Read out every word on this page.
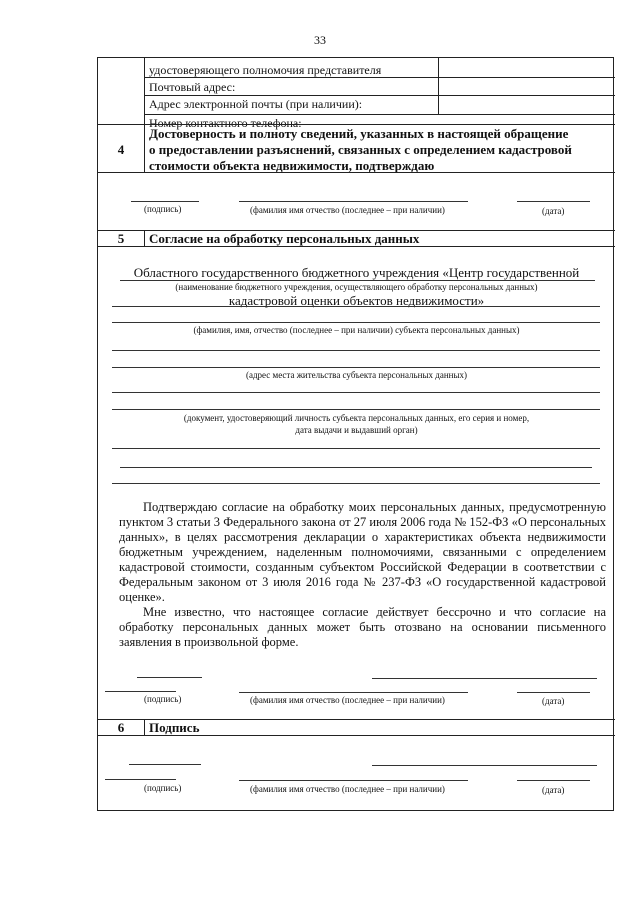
33
удостоверяющего полномочия представителя
Почтовый адрес:
Адрес электронной почты (при наличии):
Номер контактного телефона:
4
Достоверность и полноту сведений, указанных в настоящей обращение
о предоставлении разъяснений, связанных с определением кадастровой
стоимости объекта недвижимости, подтверждаю
(подпись)	(фамилия имя отчество (последнее – при наличии)	(дата)
5	Согласие на обработку персональных данных
Областного государственного бюджетного учреждения «Центр государственной
(наименование бюджетного учреждения, осуществляющего обработку персональных данных)
кадастровой оценки объектов недвижимости»
(фамилия, имя, отчество (последнее – при наличии) субъекта персональных данных)
(адрес места жительства субъекта персональных данных)
(документ, удостоверяющий личность субъекта персональных данных, его серия и номер,
дата выдачи и выдавший орган)

Подтверждаю согласие на обработку моих персональных данных, предусмотренную пунктом 3 статьи 3 Федерального закона от 27 июля 2006 года № 152-ФЗ «О персональных данных», в целях рассмотрения декларации о характеристиках объекта недвижимости бюджетным учреждением, наделенным полномочиями, связанными с определением кадастровой стоимости, созданным субъектом Российской Федерации в соответствии с Федеральным законом от 3 июля 2016 года № 237-ФЗ «О государственной кадастровой оценке».

Мне известно, что настоящее согласие действует бессрочно и что согласие на обработку персональных данных может быть отозвано на основании письменного заявления в произвольной форме.

(подпись)	(фамилия имя отчество (последнее – при наличии)	(дата)
6	Подпись
(подпись)	(фамилия имя отчество (последнее – при наличии)	(дата)
